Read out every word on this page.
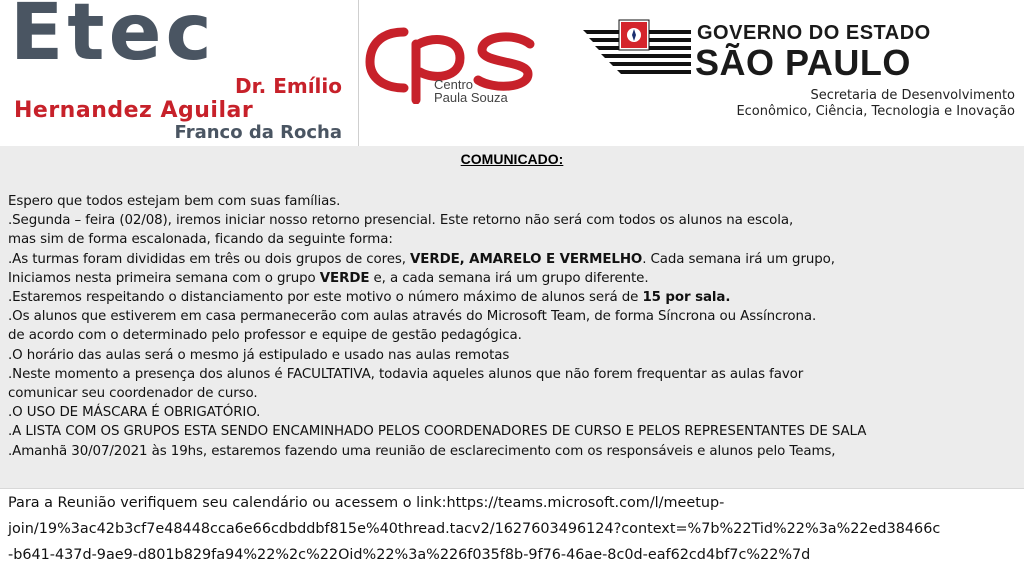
Etec
Dr. Emílio
Hernandez Aguilar
Franco da Rocha
Centro
Paula Souza
GOVERNO DO ESTADO
SÃO PAULO
Secretaria de Desenvolvimento
Econômico, Ciência, Tecnologia e Inovação
COMUNICADO:
Espero que todos estejam bem com suas famílias.
.Segunda – feira (02/08), iremos iniciar nosso retorno presencial. Este retorno não será com todos os alunos na escola,
mas sim de forma escalonada, ficando da seguinte forma:
.As turmas foram divididas em três ou dois grupos de cores, VERDE, AMARELO E VERMELHO. Cada semana irá um grupo,
Iniciamos nesta primeira semana com o grupo VERDE e, a cada semana irá um grupo diferente.
.Estaremos respeitando o distanciamento por este motivo o número máximo de alunos será de 15 por sala.
.Os alunos que estiverem em casa permanecerão com aulas através do Microsoft Team, de forma Síncrona ou Assíncrona.
de acordo com o determinado pelo professor e equipe de gestão pedagógica.
.O horário das aulas será o mesmo já estipulado e usado nas aulas remotas
.Neste momento a presença dos alunos é FACULTATIVA, todavia aqueles alunos que não forem frequentar as aulas favor
comunicar seu coordenador de curso.
.O USO DE MÁSCARA É OBRIGATÓRIO.
.A LISTA COM OS GRUPOS ESTA SENDO ENCAMINHADO PELOS COORDENADORES DE CURSO E PELOS REPRESENTANTES DE SALA
.Amanhã 30/07/2021 às 19hs, estaremos fazendo uma reunião de esclarecimento com os responsáveis e alunos pelo Teams,
Para a Reunião verifiquem seu calendário ou acessem o link:https://teams.microsoft.com/l/meetup-
join/19%3ac42b3cf7e48448cca6e66cdbddbf815e%40thread.tacv2/1627603496124?context=%7b%22Tid%22%3a%22ed38466c
-b641-437d-9ae9-d801b829fa94%22%2c%22Oid%22%3a%226f035f8b-9f76-46ae-8c0d-eaf62cd4bf7c%22%7d
